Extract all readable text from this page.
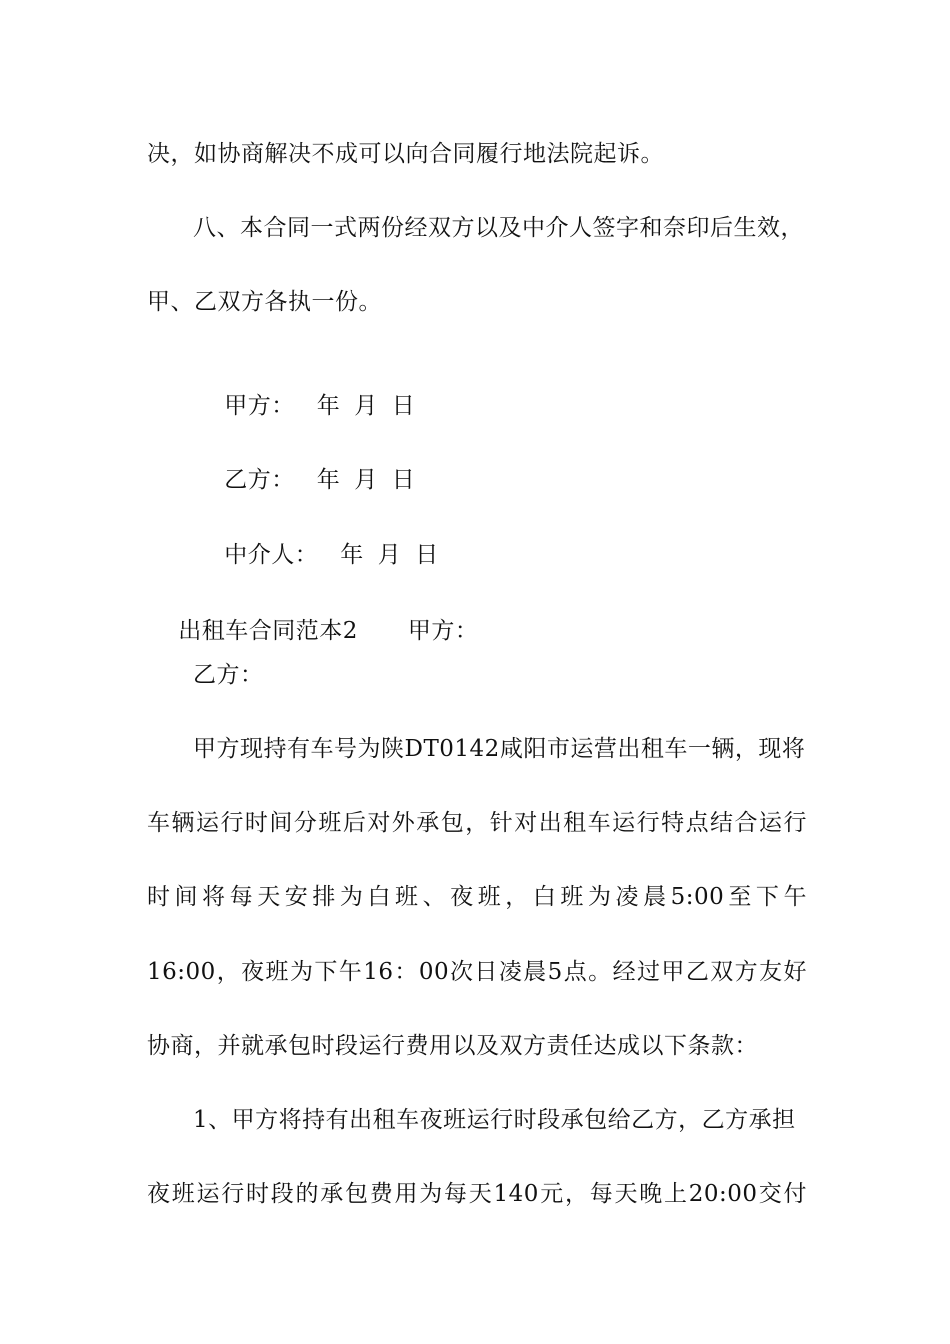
决，如协商解决不成可以向合同履行地法院起诉。
八、本合同一式两份经双方以及中介人签字和奈印后生效，
甲、乙双方各执一份。

甲方： 年 月 日

乙方： 年 月 日

中介人： 年 月 日

出租车合同范本2 甲方：

乙方：
甲方现持有车号为陕DT0142咸阳市运营出租车一辆，现将
车辆运行时间分班后对外承包，针对出租车运行特点结合运行
时间将每天安排为白班、夜班，白班为凌晨5:00至下午
16:00，夜班为下午16：00次日凌晨5点。经过甲乙双方友好
协商，并就承包时段运行费用以及双方责任达成以下条款：
1、甲方将持有出租车夜班运行时段承包给乙方，乙方承担
夜班运行时段的承包费用为每天140元，每天晚上20:00交付
